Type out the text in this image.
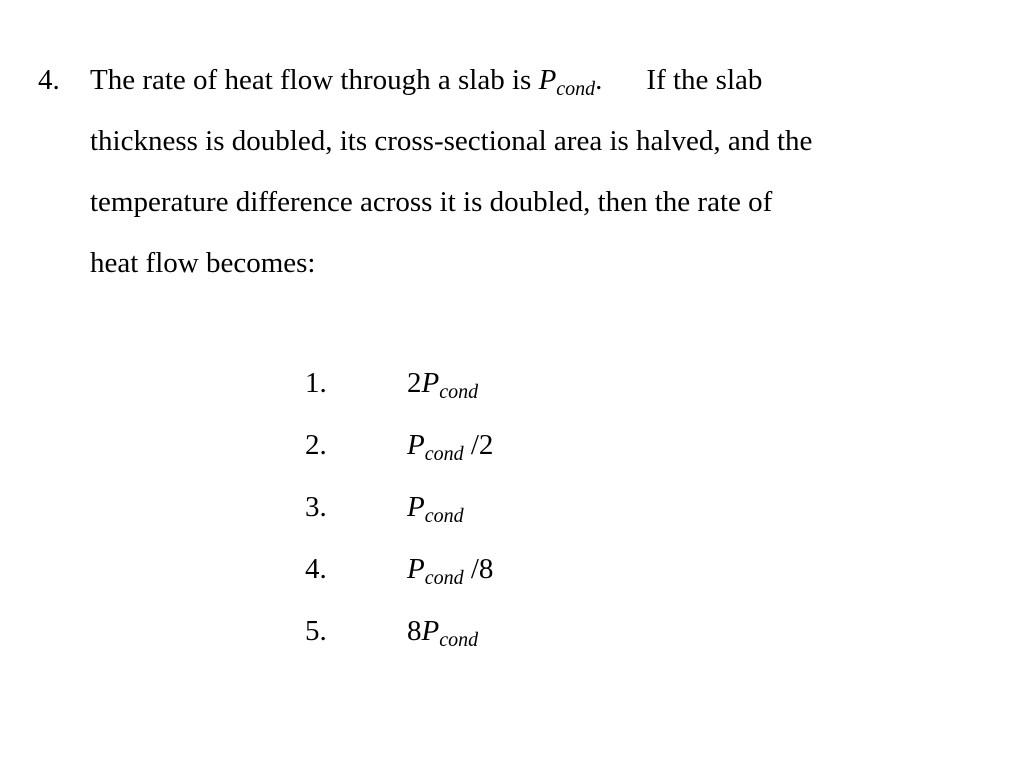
4. The rate of heat flow through a slab is $P_{cond}$. If the slab
thickness is doubled, its cross-sectional area is halved, and the
temperature difference across it is doubled, then the rate of
heat flow becomes:
1.	$2P_{cond}$
2.	$P_{cond}$ /2
3.	$P_{cond}$
4.	$P_{cond}$ /8
5.	$8P_{cond}$
